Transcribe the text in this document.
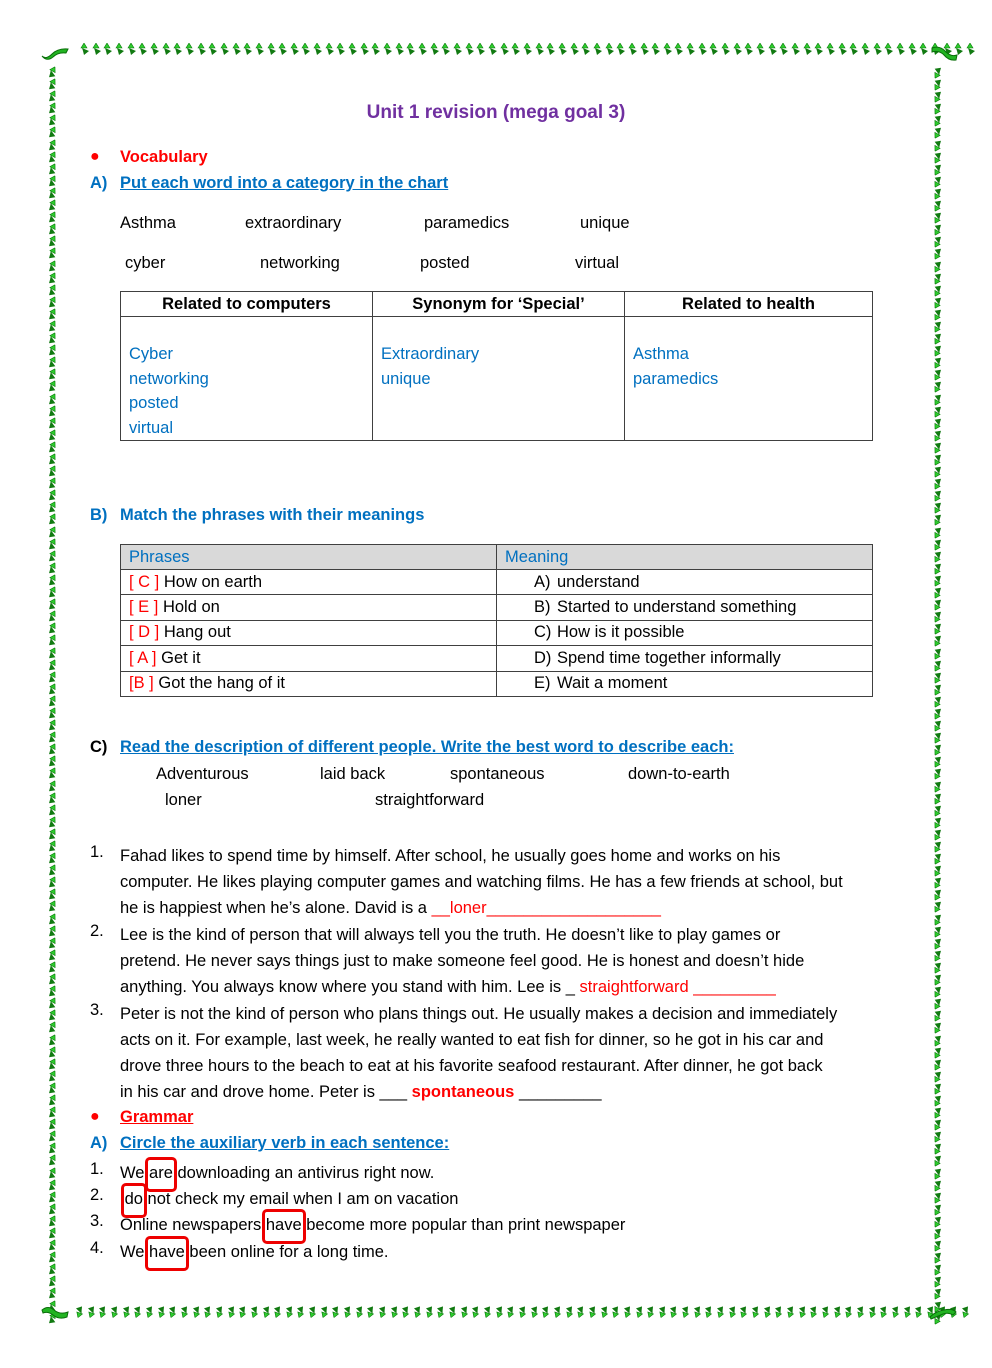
Unit 1 revision (mega goal 3)
● Vocabulary
A) Put each word into a category in the chart
Asthma	extraordinary	paramedics	unique
cyber	networking	posted	virtual
Related to computers	Synonym for ‘Special’	Related to health

Cyber
networking
posted
virtual

Extraordinary
unique

Asthma
paramedics
B) Match the phrases with their meanings
Phrases	Meaning
[ C ] How on earth	A) understand
[ E ] Hold on	B) Started to understand something
[ D ] Hang out	C) How is it possible
[ A ] Get it	D) Spend time together informally
[B ] Got the hang of it	E) Wait a moment
C) Read the description of different people. Write the best word to describe each:
Adventurous	laid back	spontaneous	down-to-earth
loner	straightforward
1. Fahad likes to spend time by himself. After school, he usually goes home and works on his
computer. He likes playing computer games and watching films. He has a few friends at school, but
he is happiest when he’s alone. David is a __loner___________________
2. Lee is the kind of person that will always tell you the truth. He doesn’t like to play games or
pretend. He never says things just to make someone feel good. He is honest and doesn’t hide
anything. You always know where you stand with him. Lee is _ straightforward _________
3. Peter is not the kind of person who plans things out. He usually makes a decision and immediately
acts on it. For example, last week, he really wanted to eat fish for dinner, so he got in his car and
drove three hours to the beach to eat at his favorite seafood restaurant. After dinner, he got back
in his car and drove home. Peter is ___ spontaneous _________
● Grammar
A) Circle the auxiliary verb in each sentence:
1. We are
downloading an antivirus right now.
2. do
not check my email when I am on vacation
3. Online newspapers have
become more popular than print newspaper
4. We have
been online for a long time.
